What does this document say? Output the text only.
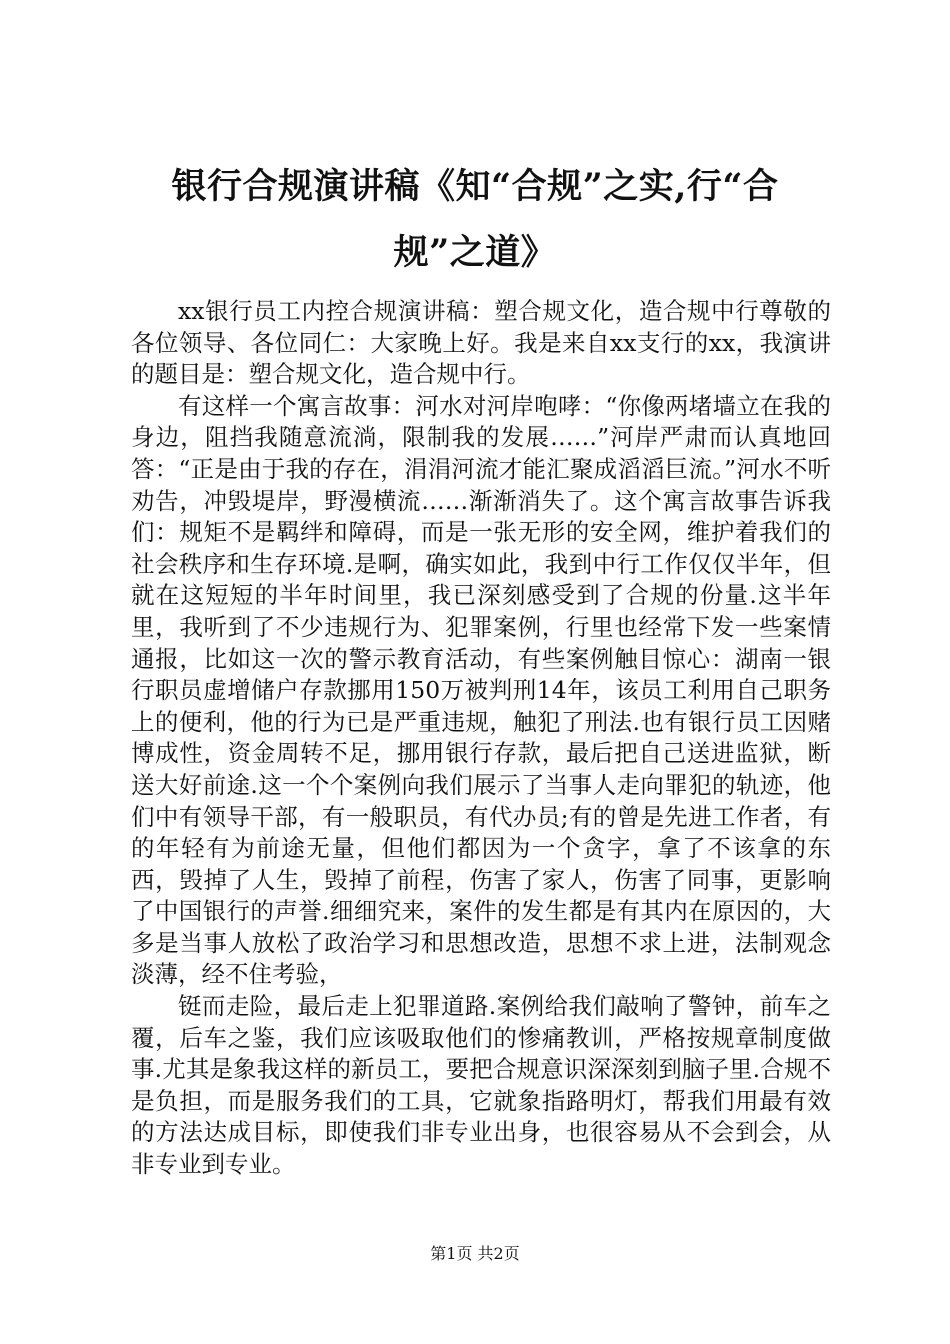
银行合规演讲稿《知“合规”之实,行“合规”之道》

xx银行员工内控合规演讲稿：塑合规文化，造合规中行尊敬的各位领导、各位同仁：大家晚上好。我是来自xx支行的xx，我演讲的题目是：塑合规文化，造合规中行。

有这样一个寓言故事：河水对河岸咆哮：“你像两堵墙立在我的身边，阻挡我随意流淌，限制我的发展……”河岸严肃而认真地回答：“正是由于我的存在，涓涓河流才能汇聚成滔滔巨流。”河水不听劝告，冲毁堤岸，野漫横流……渐渐消失了。这个寓言故事告诉我们：规矩不是羁绊和障碍，而是一张无形的安全网，维护着我们的社会秩序和生存环境.是啊，确实如此，我到中行工作仅仅半年，但就在这短短的半年时间里，我已深刻感受到了合规的份量.这半年里，我听到了不少违规行为、犯罪案例，行里也经常下发一些案情通报，比如这一次的警示教育活动，有些案例触目惊心：湖南一银行职员虚增储户存款挪用150万被判刑14年，该员工利用自己职务上的便利，他的行为已是严重违规，触犯了刑法.也有银行员工因赌博成性，资金周转不足，挪用银行存款，最后把自己送进监狱，断送大好前途.这一个个案例向我们展示了当事人走向罪犯的轨迹，他们中有领导干部，有一般职员，有代办员;有的曾是先进工作者，有的年轻有为前途无量，但他们都因为一个贪字，拿了不该拿的东西，毁掉了人生，毁掉了前程，伤害了家人，伤害了同事，更影响了中国银行的声誉.细细究来，案件的发生都是有其内在原因的，大多是当事人放松了政治学习和思想改造，思想不求上进，法制观念淡薄，经不住考验，

铤而走险，最后走上犯罪道路.案例给我们敲响了警钟，前车之覆，后车之鉴，我们应该吸取他们的惨痛教训，严格按规章制度做事.尤其是象我这样的新员工，要把合规意识深深刻到脑子里.合规不是负担，而是服务我们的工具，它就象指路明灯，帮我们用最有效的方法达成目标，即使我们非专业出身，也很容易从不会到会，从非专业到专业。

第1页 共2页
